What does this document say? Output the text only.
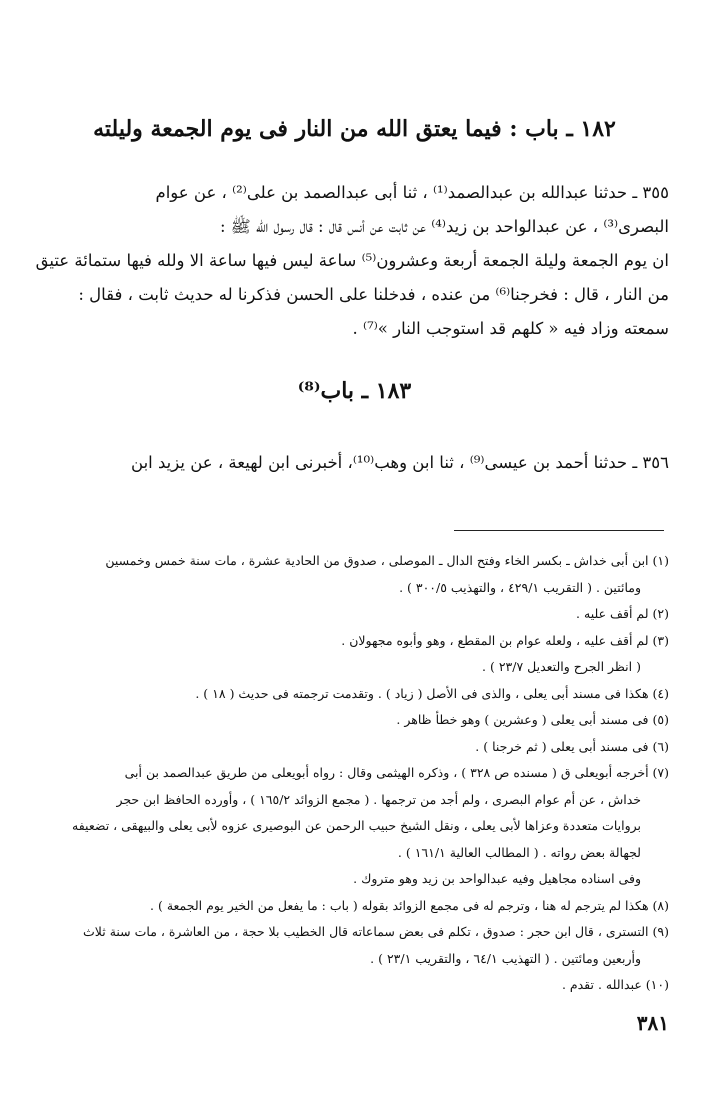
١٨٢ ـ باب : فيما يعتق الله من النار فى يوم الجمعة وليلته
٣٥٥ ـ حدثنا عبدالله بن عبدالصمد⁽¹⁾ ، ثنا أبى عبدالصمد بن على⁽²⁾ ، عن عوام
البصرى⁽³⁾ ، عن عبدالواحد بن زيد⁽⁴⁾ عن ثابت عن أنس قال : قال رسول الله ﷺ :
ان يوم الجمعة وليلة الجمعة أربعة وعشرون⁽⁵⁾ ساعة ليس فيها ساعة الا ولله فيها ستمائة عتيق
من النار ، قال : فخرجنا⁽⁶⁾ من عنده ، فدخلنا على الحسن فذكرنا له حديث ثابت ، فقال :
سمعته وزاد فيه « كلهم قد استوجب النار »⁽⁷⁾ .
١٨٣ ـ باب⁽⁸⁾
٣٥٦ ـ حدثنا أحمد بن عيسى⁽⁹⁾ ، ثنا ابن وهب⁽¹⁰⁾، أخبرنى ابن لهيعة ، عن يزيد ابن
(١) ابن أبى خداش ـ بكسر الخاء وفتح الدال ـ الموصلى ، صدوق من الحادية عشرة ، مات سنة خمس وخمسين
ومائتين . ( التقريب ٤٢٩/١ ، والتهذيب ٣٠٠/٥ ) .
(٢) لم أقف عليه .
(٣) لم أقف عليه ، ولعله عوام بن المقطع ، وهو وأبوه مجهولان .
( انظر الجرح والتعديل ٢٣/٧ ) .
(٤) هكذا فى مسند أبى يعلى ، والذى فى الأصل ( زياد ) . وتقدمت ترجمته فى حديث ( ١٨ ) .
(٥) فى مسند أبى يعلى ( وعشرين ) وهو خطأ ظاهر .
(٦) فى مسند أبى يعلى ( ثم خرجنا ) .
(٧) أخرجه أبويعلى ق ( مسنده ص ٣٢٨ ) ، وذكره الهيثمى وقال : رواه أبويعلى من طريق عبدالصمد بن أبى
خداش ، عن أم عوام البصرى ، ولم أجد من ترجمها . ( مجمع الزوائد ١٦٥/٢ ) ، وأورده الحافظ ابن حجر
بروايات متعددة وعزاها لأبى يعلى ، ونقل الشيخ حبيب الرحمن عن البوصيرى عزوه لأبى يعلى والبيهقى ، تضعيفه
لجهالة بعض رواته . ( المطالب العالية ١٦١/١ ) .
وفى اسناده مجاهيل وفيه عبدالواحد بن زيد وهو متروك .
(٨) هكذا لم يترجم له هنا ، وترجم له فى مجمع الزوائد بقوله ( باب : ما يفعل من الخير يوم الجمعة ) .
(٩) التسترى ، قال ابن حجر : صدوق ، تكلم فى بعض سماعاته قال الخطيب بلا حجة ، من العاشرة ، مات سنة ثلاث
وأربعين ومائتين . ( التهذيب ٦٤/١ ، والتقريب ٢٣/١ ) .
(١٠) عبدالله . تقدم .
٣٨١
